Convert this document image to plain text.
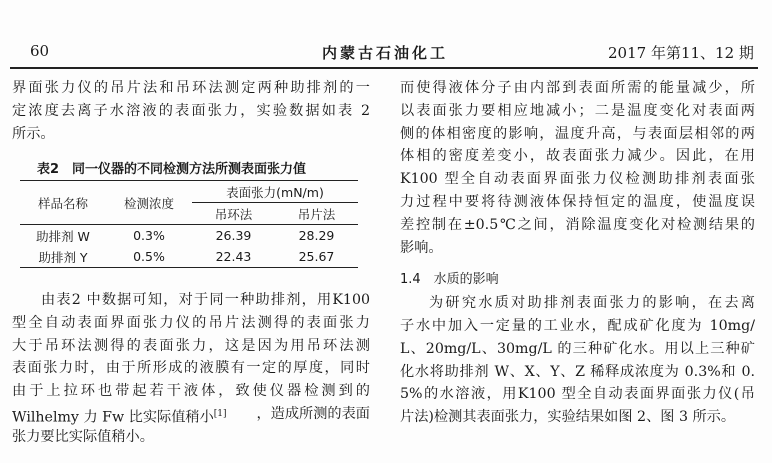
60	内蒙古石油化工	2017 年第11、12 期
界面张力仪的吊片法和吊环法测定两种助排剂的一
定浓度去离子水溶液的表面张力，实验数据如表 2
所示。
表2　同一仪器的不同检测方法所测表面张力值
样品名称	检测浓度	表面张力(mN/m)	
		吊环法	吊片法
助排剂 W	0.3%	26.39	28.29
助排剂 Y	0.5%	22.43	25.67
由表2 中数据可知，对于同一种助排剂，用K100
型全自动表面界面张力仪的吊片法测得的表面张力
大于吊环法测得的表面张力，这是因为用吊环法测
表面张力时，由于所形成的液膜有一定的厚度，同时
由于上拉环也带起若干液体，致使仪器检测到的
Wilhelmy 力 Fw 比实际值稍小[1] ，造成所测的表面
张力要比实际值稍小。
而使得液体分子由内部到表面所需的能量减少，所
以表面张力要相应地减小；二是温度变化对表面两
侧的体相密度的影响，温度升高，与表面层相邻的两
体相的密度差变小，故表面张力减少。因此，在用
K100 型全自动表面界面张力仪检测助排剂表面张
力过程中要将待测液体保持恒定的温度，使温度误
差控制在±0.5℃之间，消除温度变化对检测结果的
影响。
1.4　水质的影响
为研究水质对助排剂表面张力的影响，在去离
子水中加入一定量的工业水，配成矿化度为 10mg/
L、20mg/L、30mg/L 的三种矿化水。用以上三种矿
化水将助排剂 W、X、Y、Z 稀释成浓度为 0.3%和 0.
5%的水溶液，用K100 型全自动表面界面张力仪(吊
片法)检测其表面张力，实验结果如图 2、图 3 所示。
